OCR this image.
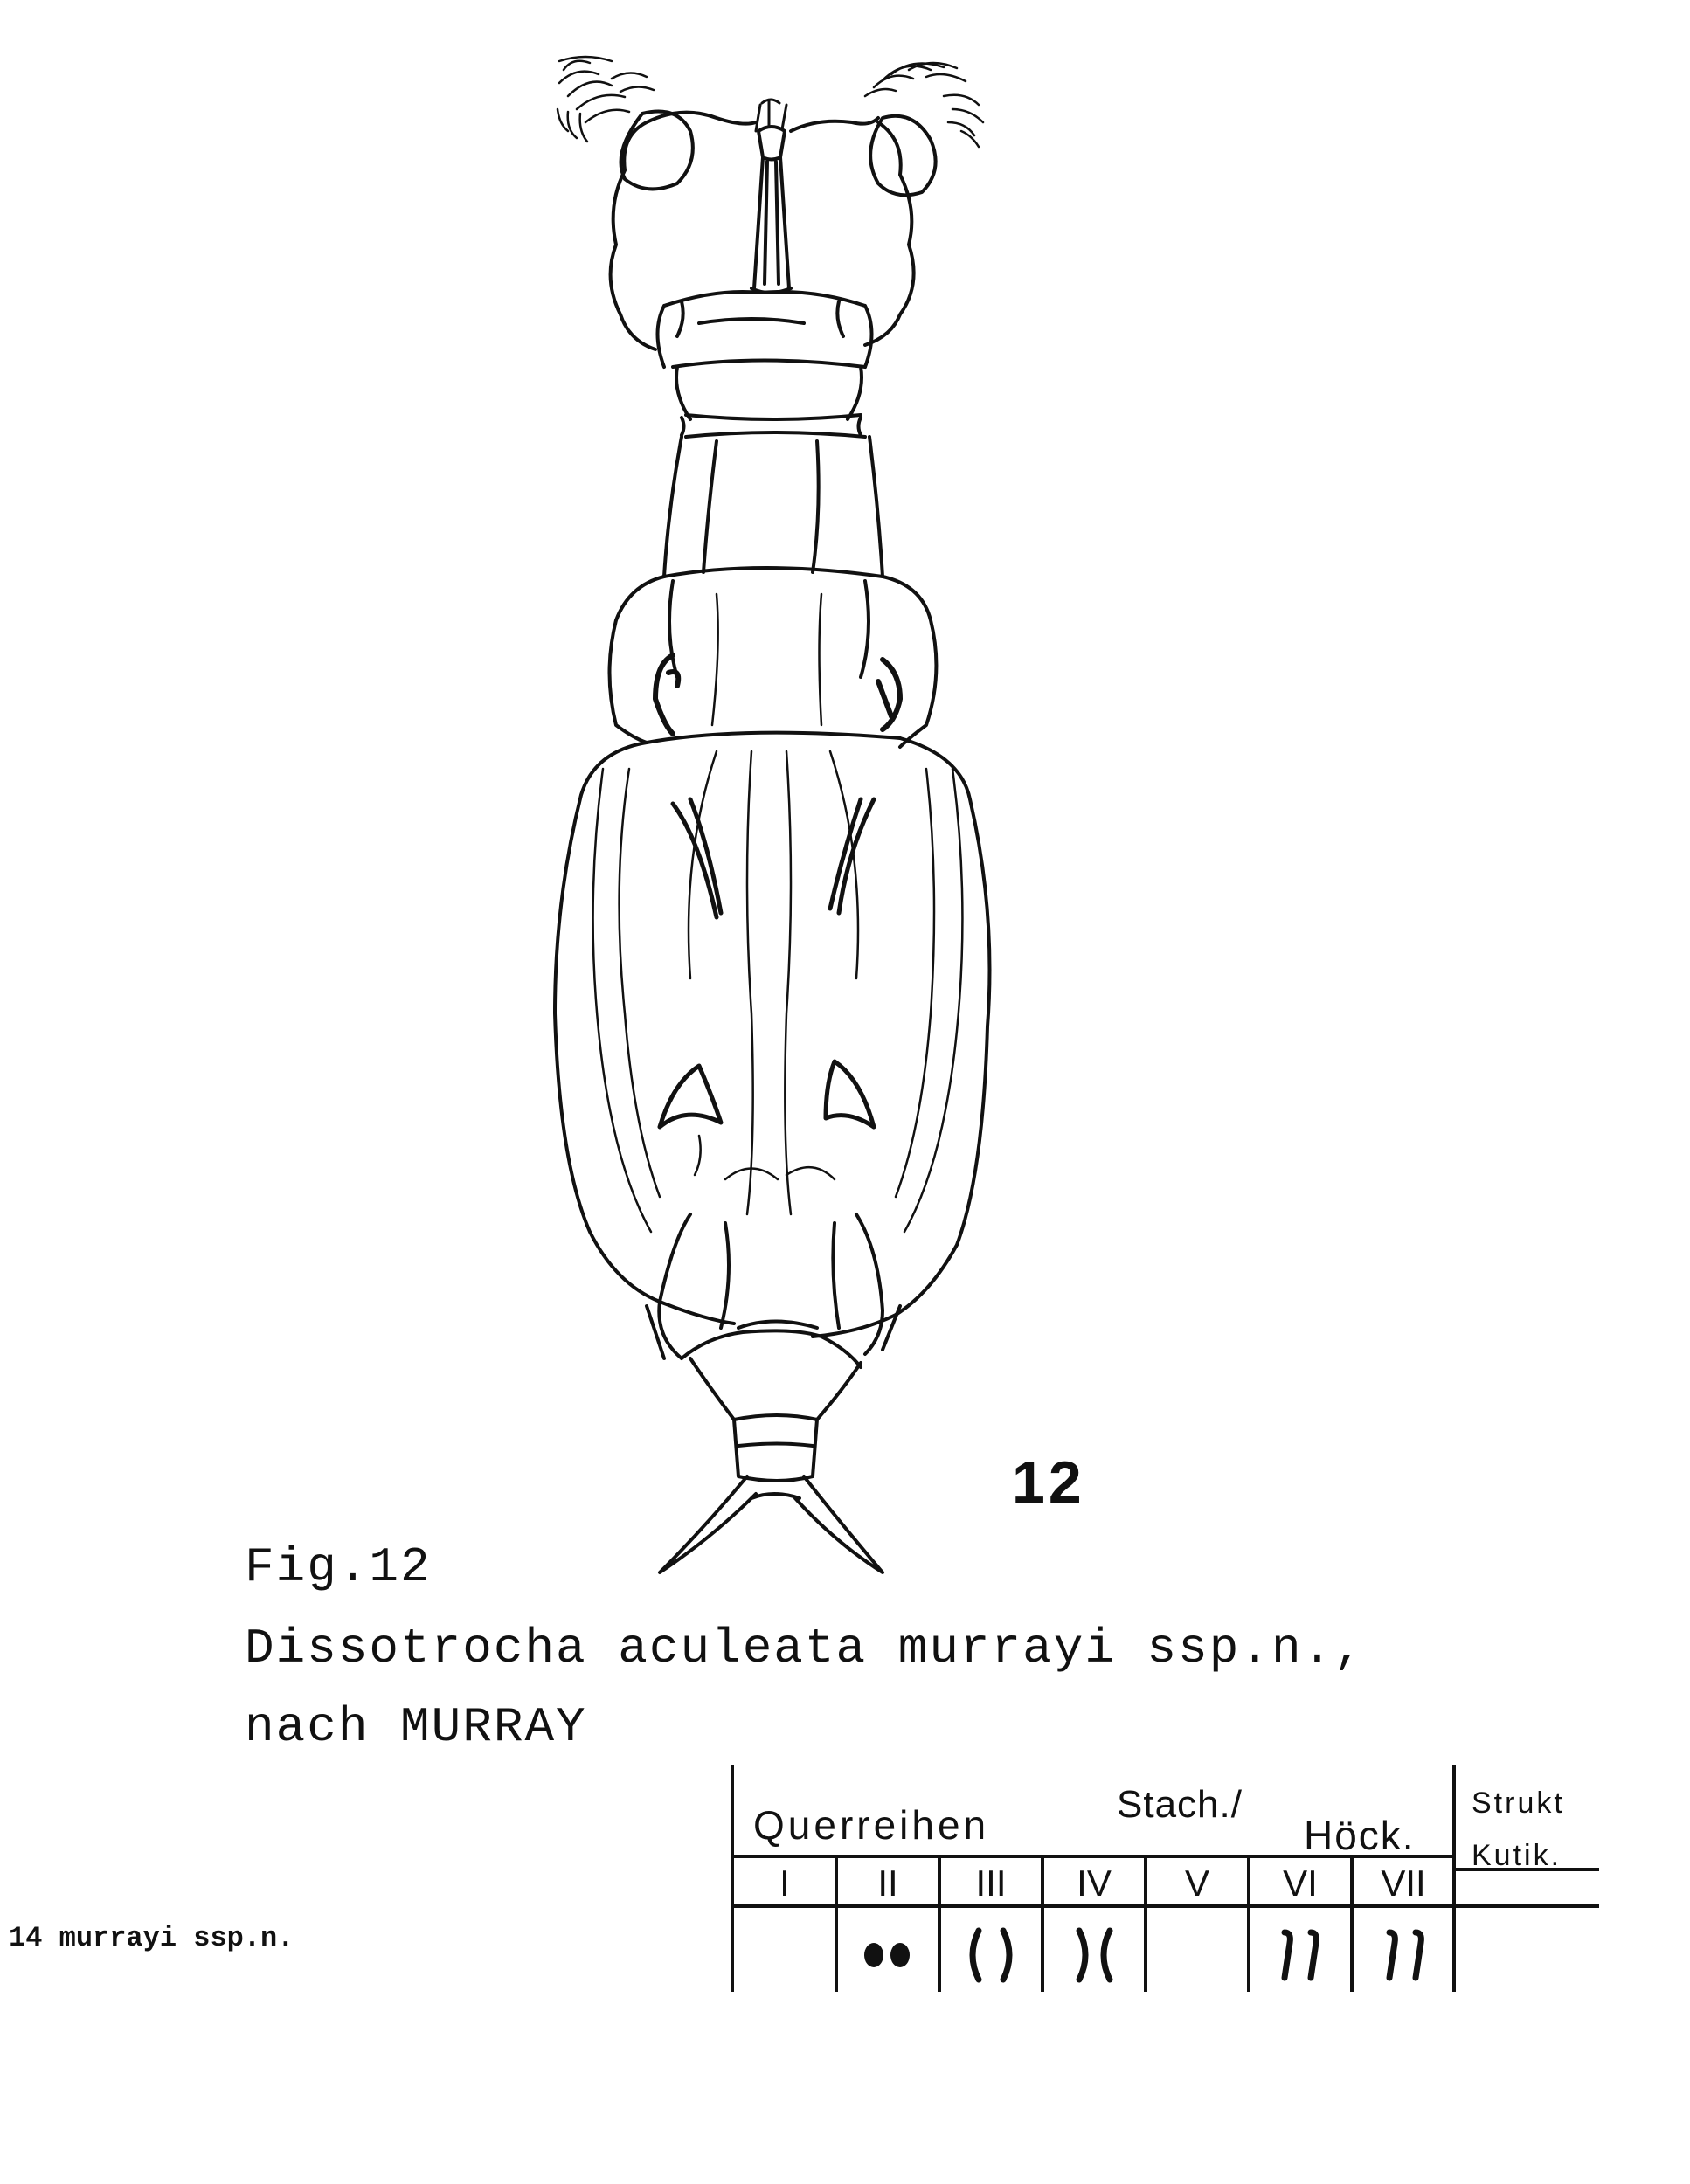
12
Fig.12
Dissotrocha aculeata murrayi ssp.n.,
nach MURRAY
14 murrayi ssp.n.
Querreihen	Stach./
Höck.
Strukt
Kutik.
I II III IV V VI VII
